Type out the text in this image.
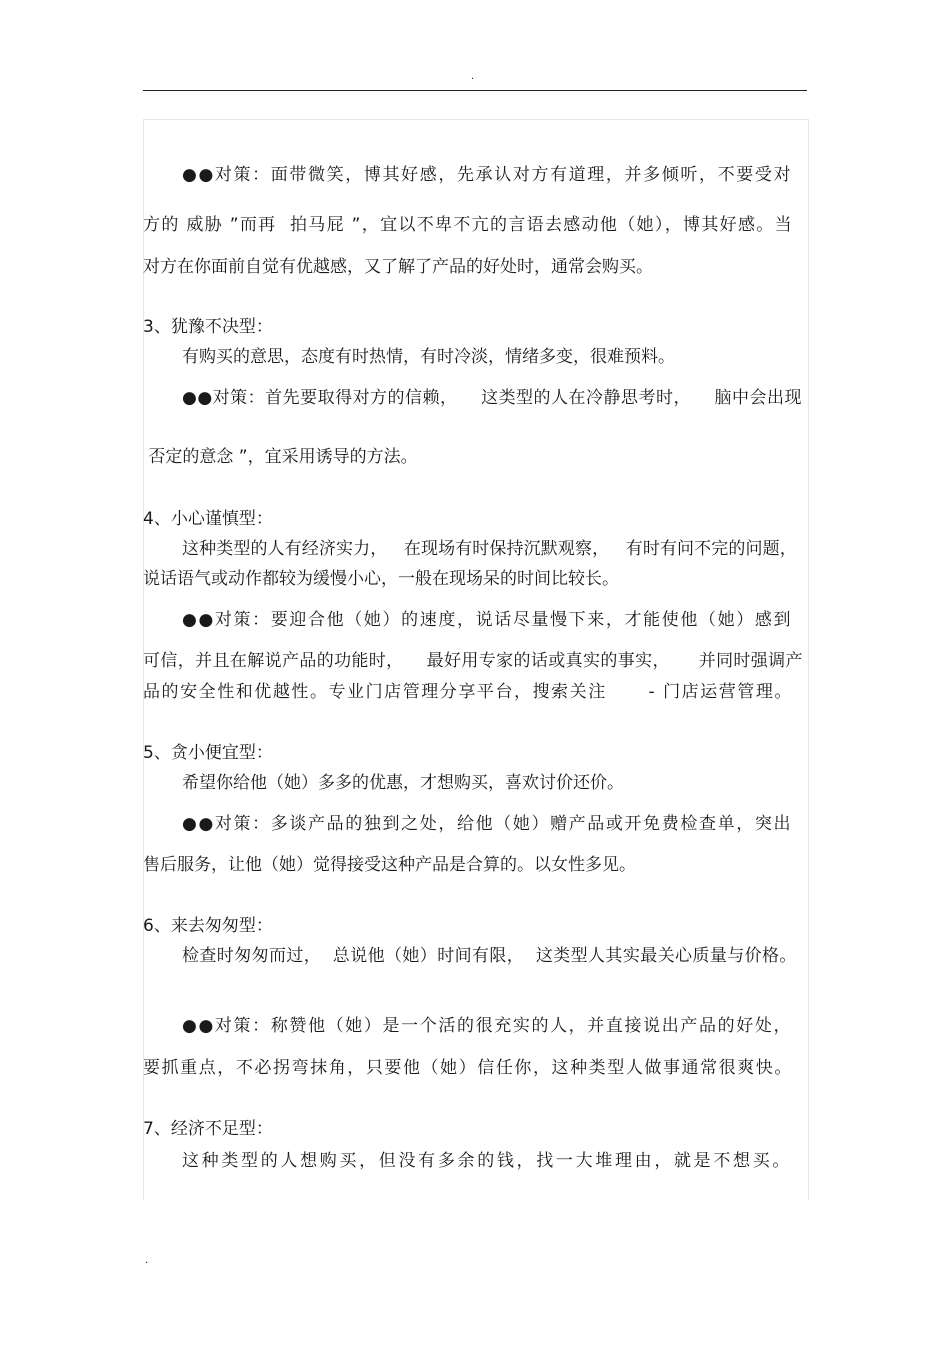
.

●●对策：面带微笑，博其好感，先承认对方有道理，并多倾听，不要受对

方的 威胁 ”而再  拍马屁 ”，宜以不卑不亢的言语去感动他（她），博其好感。当

对方在你面前自觉有优越感，又了解了产品的好处时，通常会购买。

3、犹豫不决型：

有购买的意思，态度有时热情，有时冷淡，情绪多变，很难预料。

●●对策：首先要取得对方的信赖，    这类型的人在冷静思考时，    脑中会出现

否定的意念 ”，宜采用诱导的方法。

4、小心谨慎型：

这种类型的人有经济实力，   在现场有时保持沉默观察，   有时有问不完的问题，

说话语气或动作都较为缓慢小心，一般在现场呆的时间比较长。

●●对策：要迎合他（她）的速度，说话尽量慢下来，才能使他（她）感到

可信，并且在解说产品的功能时，    最好用专家的话或真实的事实，     并同时强调产

品的安全性和优越性。专业门店管理分享平台，搜索关注      - 门店运营管理。

5、贪小便宜型：

希望你给他（她）多多的优惠，才想购买，喜欢讨价还价。

●●对策：多谈产品的独到之处，给他（她）赠产品或开免费检查单，突出

售后服务，让他（她）觉得接受这种产品是合算的。以女性多见。

6、来去匆匆型：

检查时匆匆而过，  总说他（她）时间有限，  这类型人其实最关心质量与价格。

●●对策：称赞他（她）是一个活的很充实的人，并直接说出产品的好处，

要抓重点，不必拐弯抹角，只要他（她）信任你，这种类型人做事通常很爽快。

7、经济不足型：

这种类型的人想购买，但没有多余的钱，找一大堆理由，就是不想买。

.
